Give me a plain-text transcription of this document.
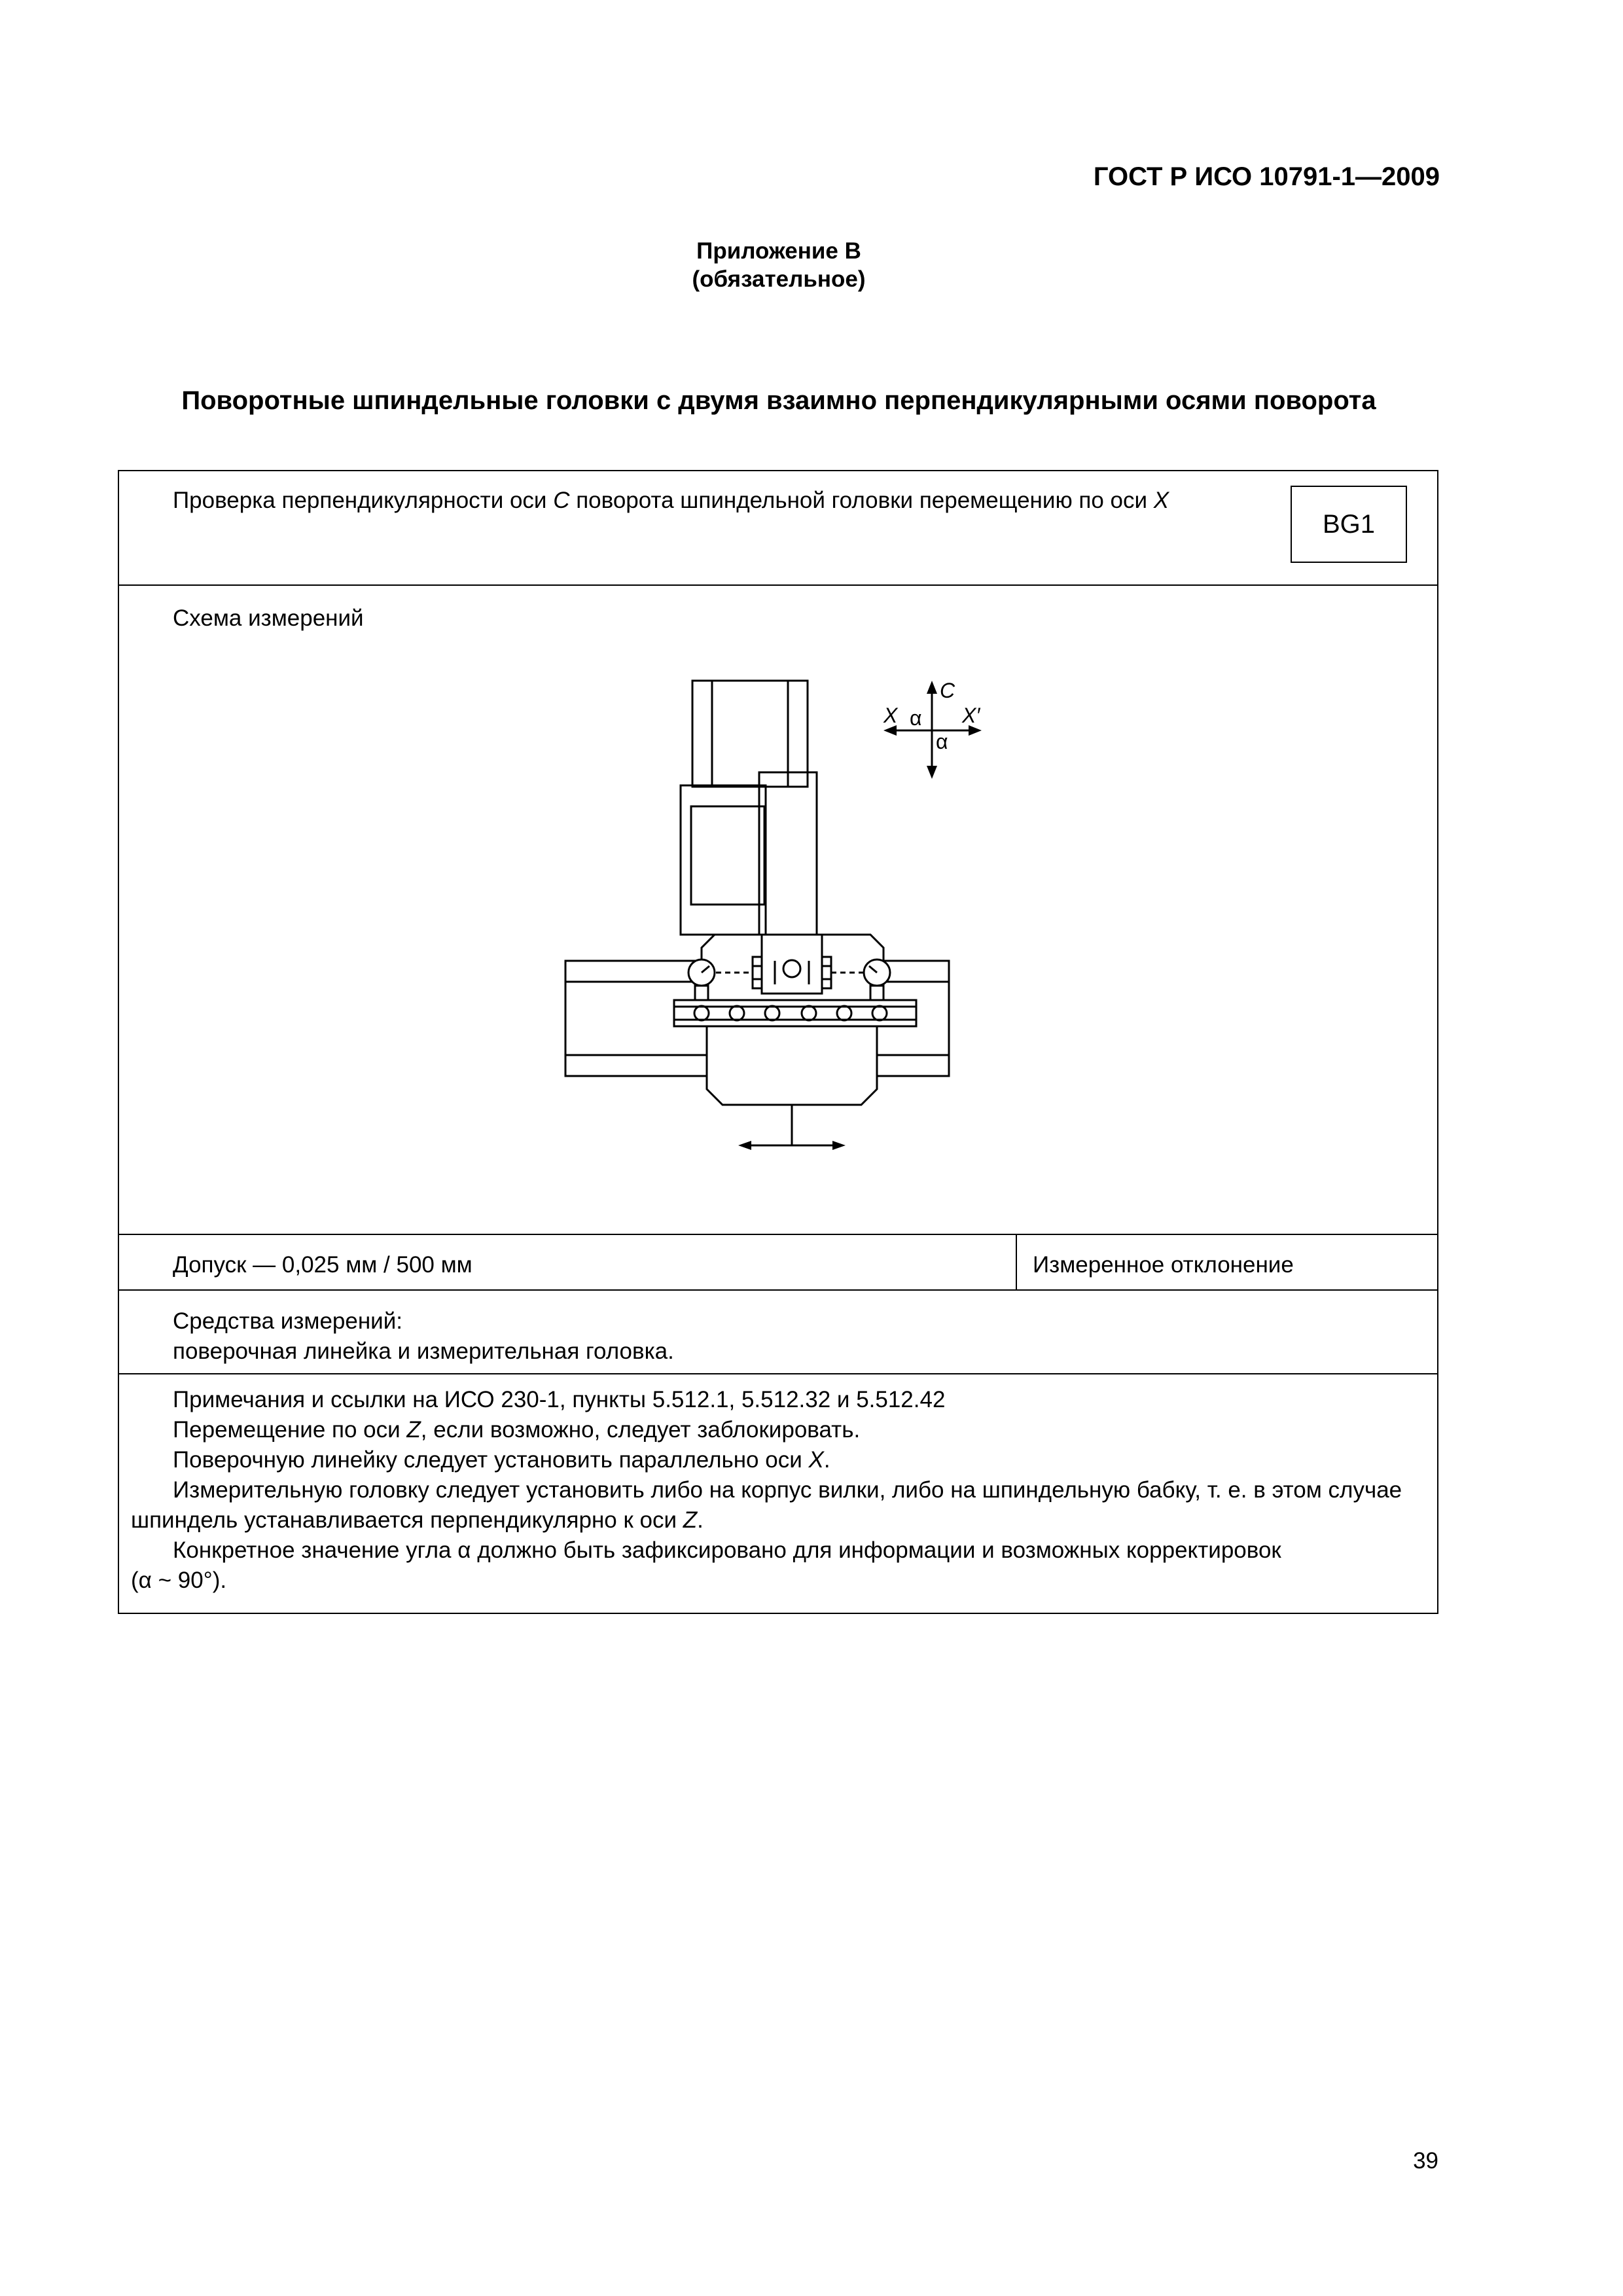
ГОСТ Р ИСО 10791-1—2009
Приложение В
(обязательное)
Поворотные шпиндельные головки с двумя взаимно перпендикулярными осями поворота
Проверка перпендикулярности оси C поворота шпиндельной головки перемещению по оси X
BG1
Схема измерений
C
X α X′
α
Допуск — 0,025 мм / 500 мм	Измеренное отклонение
Средства измерений:
поверочная линейка и измерительная головка.

Примечания и ссылки на ИСО 230-1, пункты 5.512.1, 5.512.32 и 5.512.42

Перемещение по оси Z, если возможно, следует заблокировать.

Поверочную линейку следует установить параллельно оси X.

Измерительную головку следует установить либо на корпус вилки, либо на шпиндельную бабку, т. е. в этом случае шпиндель устанавливается перпендикулярно к оси Z.

Конкретное значение угла α должно быть зафиксировано для информации и возможных корректировок

(α ~ 90°).

39
